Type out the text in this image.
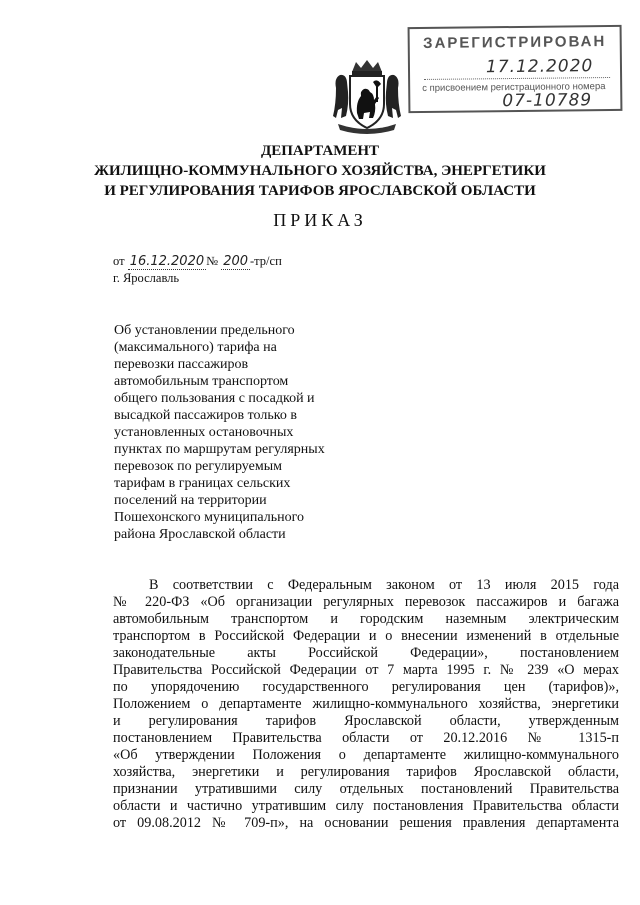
ЗАРЕГИСТРИРОВАН
17.12.2020
с присвоением регистрационного номера
07-10789
ДЕПАРТАМЕНТ
ЖИЛИЩНО-КОММУНАЛЬНОГО ХОЗЯЙСТВА, ЭНЕРГЕТИКИ
И РЕГУЛИРОВАНИЯ ТАРИФОВ ЯРОСЛАВСКОЙ ОБЛАСТИ
ПРИКАЗ
от 16.12.2020 № 200 -тр/сп
г. Ярославль
Об установлении предельного
(максимального) тарифа на
перевозки пассажиров
автомобильным транспортом
общего пользования с посадкой и
высадкой пассажиров только в
установленных остановочных
пунктах по маршрутам регулярных
перевозок по регулируемым
тарифам в границах сельских
поселений на территории
Пошехонского муниципального
района Ярославской области
В соответствии с Федеральным законом от 13 июля 2015 года
№ 220-ФЗ «Об организации регулярных перевозок пассажиров и багажа
автомобильным транспортом и городским наземным электрическим
транспортом в Российской Федерации и о внесении изменений в отдельные
законодательные акты Российской Федерации», постановлением
Правительства Российской Федерации от 7 марта 1995 г. № 239 «О мерах
по упорядочению государственного регулирования цен (тарифов)»,
Положением о департаменте жилищно-коммунального хозяйства, энергетики
и регулирования тарифов Ярославской области, утвержденным
постановлением Правительства области от 20.12.2016 № 1315-п
«Об утверждении Положения о департаменте жилищно-коммунального
хозяйства, энергетики и регулирования тарифов Ярославской области,
признании утратившими силу отдельных постановлений Правительства
области и частично утратившим силу постановления Правительства области
от 09.08.2012 № 709-п», на основании решения правления департамента
